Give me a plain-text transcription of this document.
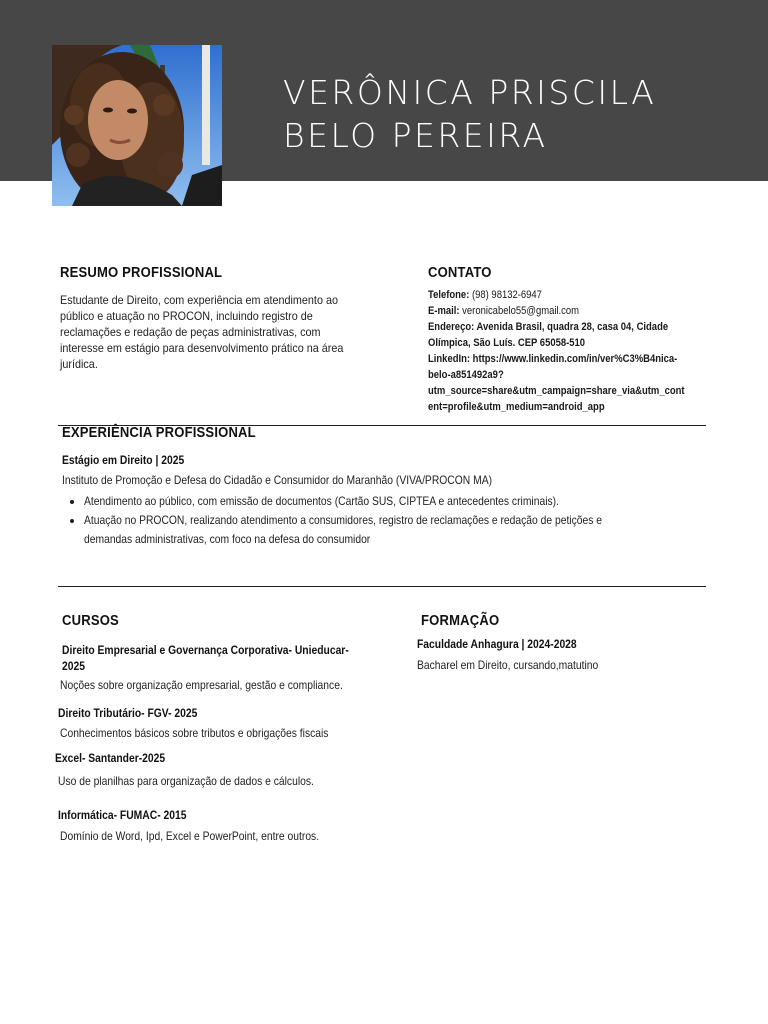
VERÔNICA PRISCILA
BELO PEREIRA
RESUMO PROFISSIONAL
Estudante de Direito, com experiência em atendimento ao
público e atuação no PROCON, incluindo registro de
reclamações e redação de peças administrativas, com
interesse em estágio para desenvolvimento prático na área
jurídica.
CONTATO
Telefone: (98) 98132-6947
E-mail: veronicabelo55@gmail.com
Endereço: Avenida Brasil, quadra 28, casa 04, Cidade
Olímpica, São Luís. CEP 65058-510
LinkedIn: https://www.linkedin.com/in/ver%C3%B4nica-
belo-a851492a9?
utm_source=share&utm_campaign=share_via&utm_cont
ent=profile&utm_medium=android_app
EXPERIÊNCIA PROFISSIONAL
Estágio em Direito | 2025
Instituto de Promoção e Defesa do Cidadão e Consumidor do Maranhão (VIVA/PROCON MA)
• Atendimento ao público, com emissão de documentos (Cartão SUS, CIPTEA e antecedentes criminais).
• Atuação no PROCON, realizando atendimento a consumidores, registro de reclamações e redação de petições e
demandas administrativas, com foco na defesa do consumidor
CURSOS
Direito Empresarial e Governança Corporativa- Unieducar-
2025
Noções sobre organização empresarial, gestão e compliance.
Direito Tributário- FGV- 2025
Conhecimentos básicos sobre tributos e obrigações fiscais
Excel- Santander-2025
Uso de planilhas para organização de dados e cálculos.
Informática- FUMAC- 2015
Domínio de Word, Ipd, Excel e PowerPoint, entre outros.
FORMAÇÃO
Faculdade Anhagura | 2024-2028
Bacharel em Direito, cursando,matutino
